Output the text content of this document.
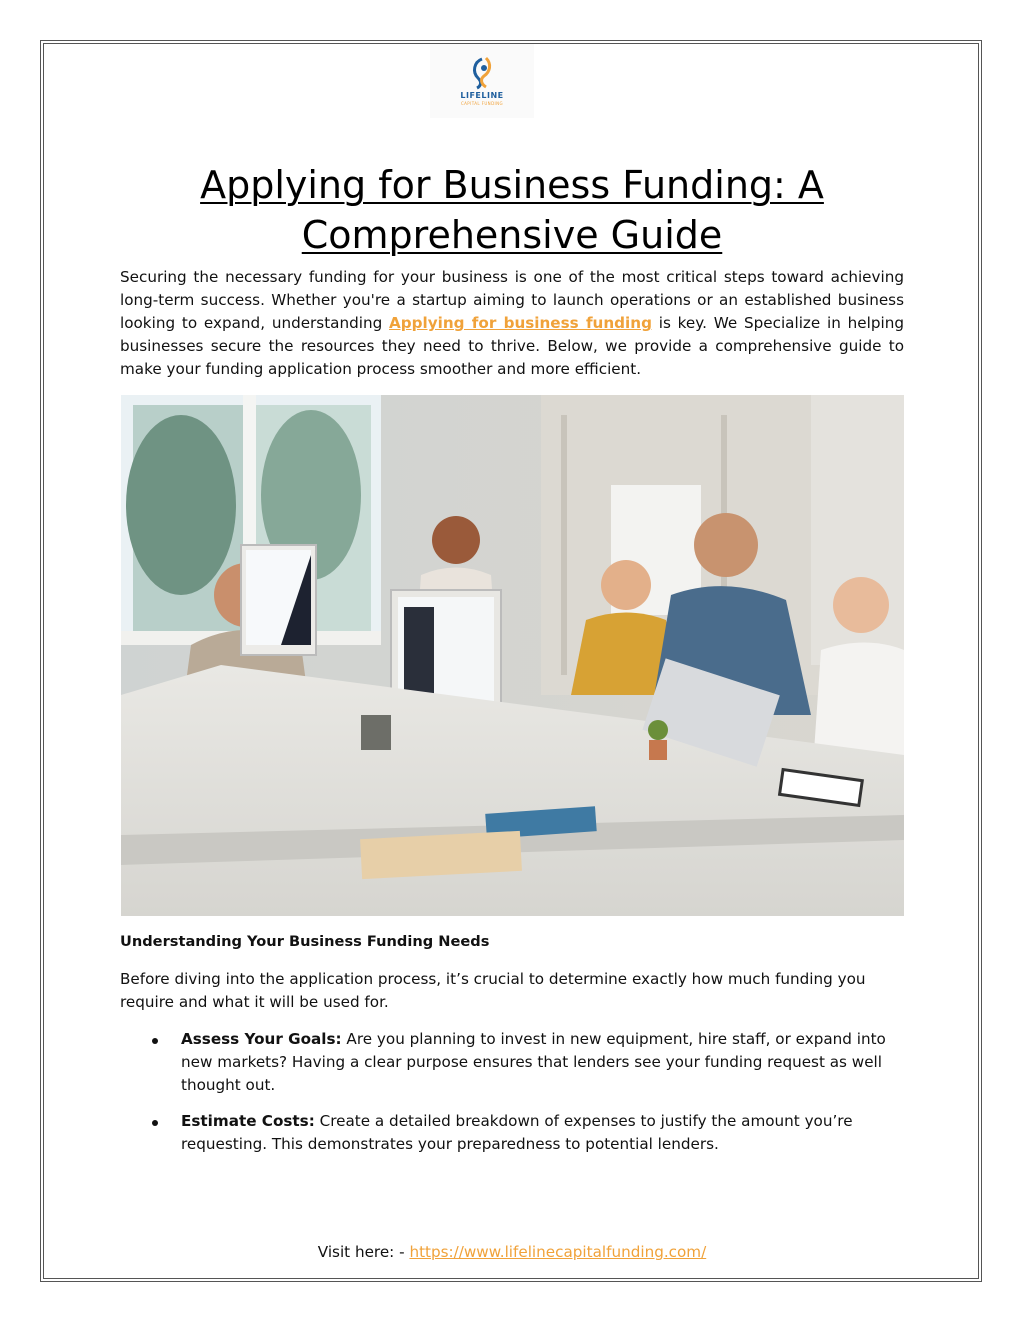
LIFELINE
CAPITAL FUNDING
Applying for Business Funding: A Comprehensive Guide

Securing the necessary funding for your business is one of the most critical steps toward achieving long-term success. Whether you're a startup aiming to launch operations or an established business looking to expand, understanding Applying for business funding is key. We Specialize in helping businesses secure the resources they need to thrive. Below, we provide a comprehensive guide to make your funding application process smoother and more efficient.

Understanding Your Business Funding Needs

Before diving into the application process, it’s crucial to determine exactly how much funding you require and what it will be used for.

Assess Your Goals: Are you planning to invest in new equipment, hire staff, or expand into new markets? Having a clear purpose ensures that lenders see your funding request as well thought out.
Estimate Costs: Create a detailed breakdown of expenses to justify the amount you’re requesting. This demonstrates your preparedness to potential lenders.
Visit here: - https://www.lifelinecapitalfunding.com/
